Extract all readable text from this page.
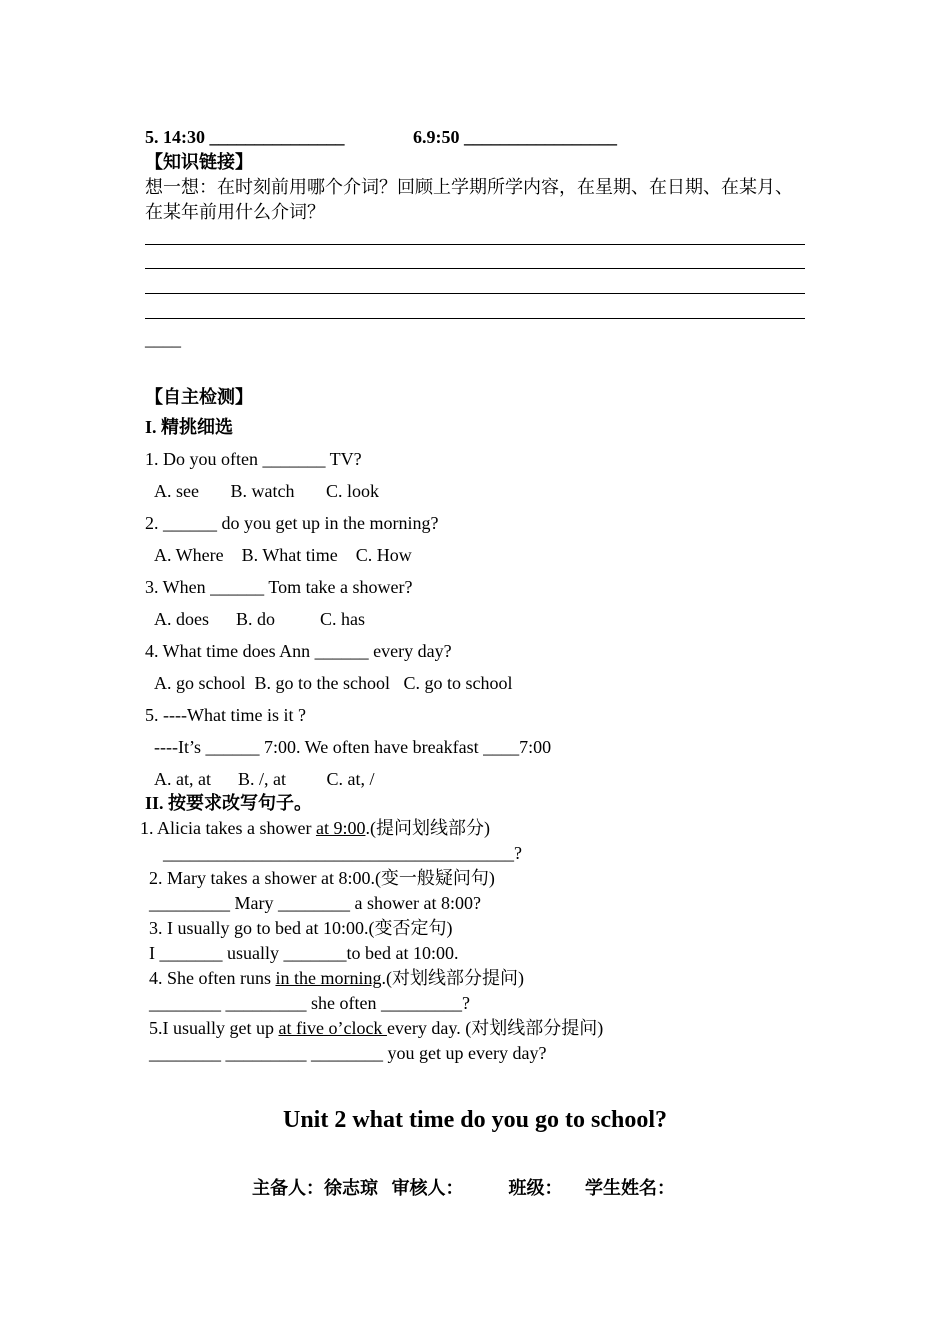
5. 14:30 _______________	6.9:50 _________________
【知识链接】
想一想：在时刻前用哪个介词？回顾上学期所学内容，在星期、在日期、在某月、
在某年前用什么介词？
____
【自主检测】
I. 精挑细选
1. Do you often _______ TV?
A. see       B. watch       C. look
2. ______ do you get up in the morning?
A. Where    B. What time    C. How
3. When ______ Tom take a shower?
A. does      B. do          C. has
4. What time does Ann ______ every day?
A. go school  B. go to the school   C. go to school
5. ----What time is it ?
----It’s ______ 7:00. We often have breakfast ____7:00
A. at, at      B. /, at         C. at, /
II. 按要求改写句子。
1. Alicia takes a shower at 9:00.(提问划线部分)
_______________________________________?
2. Mary takes a shower at 8:00.(变一般疑问句)
_________ Mary ________ a shower at 8:00?
3. I usually go to bed at 10:00.(变否定句)
I _______ usually _______to bed at 10:00.
4. She often runs in the morning.(对划线部分提问)
________ _________ she often _________?
5.I usually get up at five o’clock every day. (对划线部分提问)
________ _________ ________ you get up every day?
Unit 2 what time do you go to school?
主备人：徐志琼   审核人：          班级：     学生姓名：
